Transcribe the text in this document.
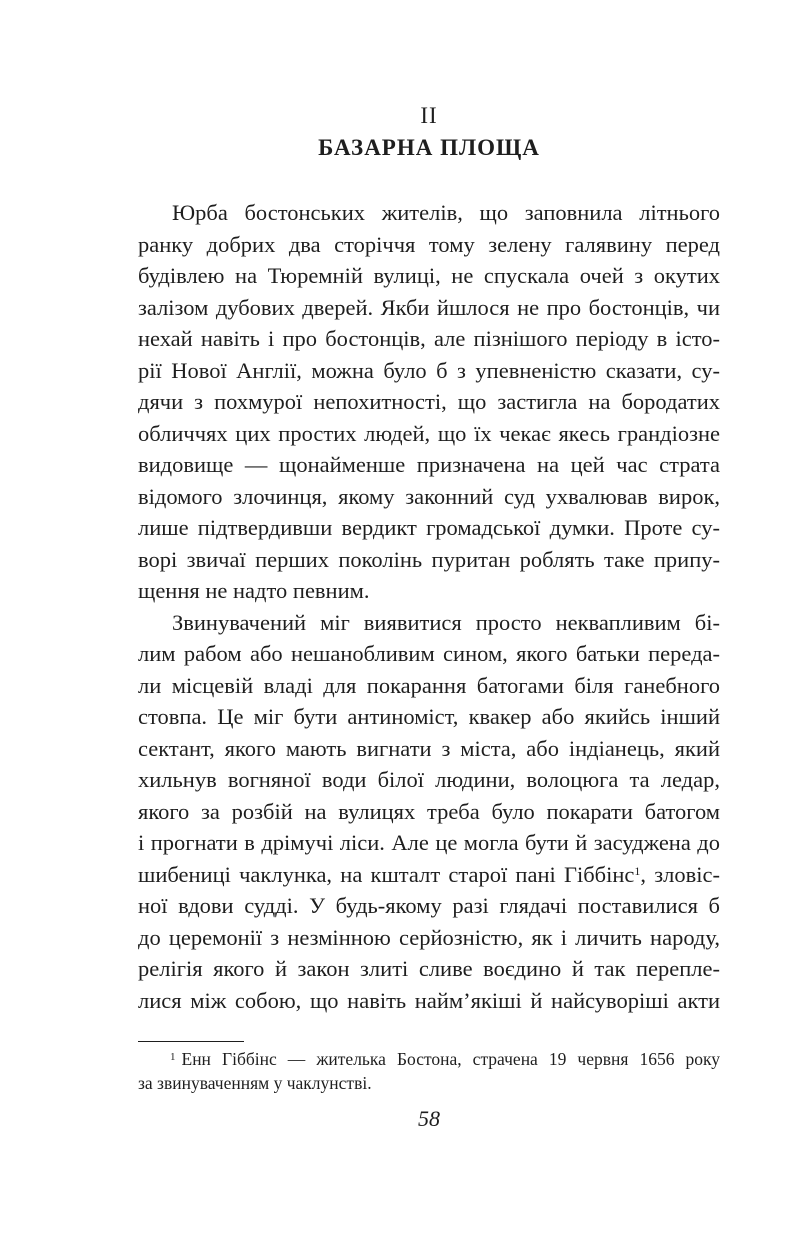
II
БАЗАРНА ПЛОЩА
Юрба бостонських жителів, що заповнила літнього
ранку добрих два сторіччя тому зелену галявину перед
будівлею на Тюремній вулиці, не спускала очей з окутих
залізом дубових дверей. Якби йшлося не про бостонців, чи
нехай навіть і про бостонців, але пізнішого періоду в істо-
рії Нової Англії, можна було б з упевненістю сказати, су-
дячи з похмурої непохитності, що застигла на бородатих
обличчях цих простих людей, що їх чекає якесь грандіозне
видовище — щонайменше призначена на цей час страта
відомого злочинця, якому законний суд ухвалював вирок,
лише підтвердивши вердикт громадської думки. Проте су-
ворі звичаї перших поколінь пуритан роблять таке припу-
щення не надто певним.
Звинувачений міг виявитися просто неквапливим бі-
лим рабом або нешанобливим сином, якого батьки переда-
ли місцевій владі для покарання батогами біля ганебного
стовпа. Це міг бути антиноміст, квакер або якийсь інший
сектант, якого мають вигнати з міста, або індіанець, який
хильнув вогняної води білої людини, волоцюга та ледар,
якого за розбій на вулицях треба було покарати батогом
і прогнати в дрімучі ліси. Але це могла бути й засуджена до
шибениці чаклунка, на кшталт старої пані Гіббінс$^1$, зловіс-
ної вдови судді. У будь-якому разі глядачі поставилися б
до церемонії з незмінною серйозністю, як і личить народу,
релігія якого й закон злиті сливе воєдино й так перепле-
лися між собою, що навіть найм’якіші й найсуворіші акти
$^1$ Енн Гіббінс — жителька Бостона, страчена 19 червня 1656 року
за звинуваченням у чаклунстві.
58
